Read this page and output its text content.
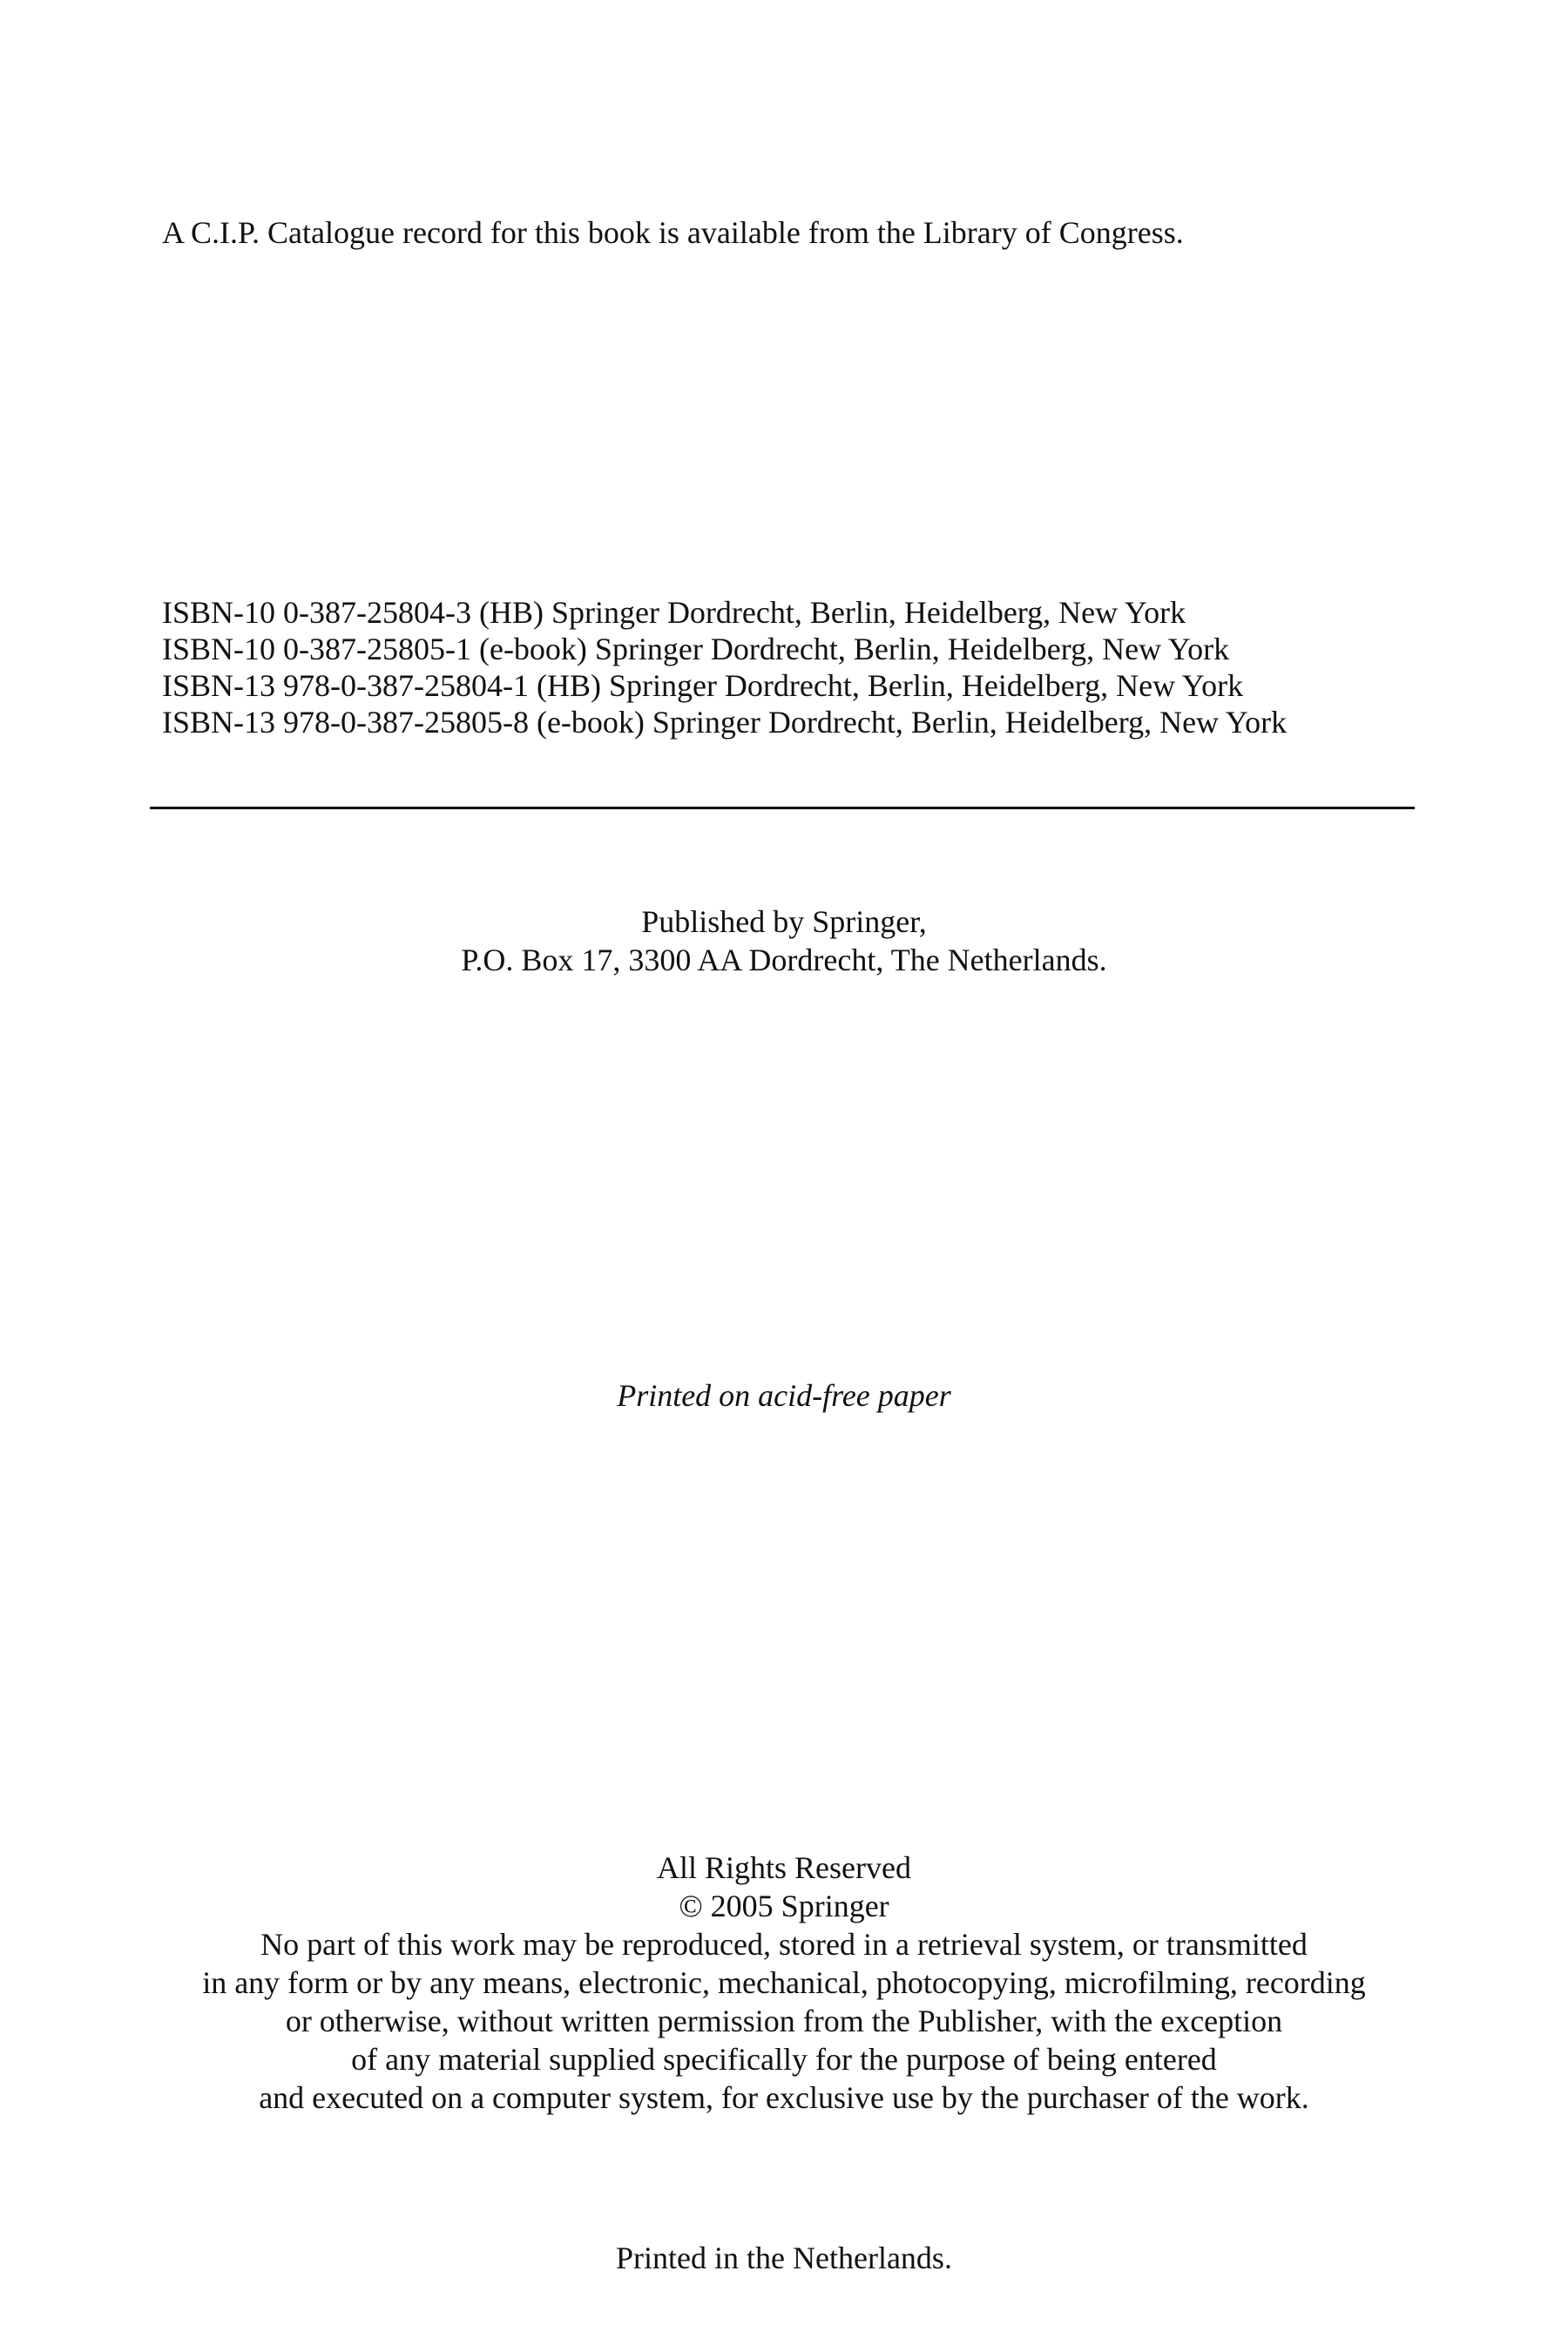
A C.I.P. Catalogue record for this book is available from the Library of Congress.

ISBN-10 0-387-25804-3 (HB) Springer Dordrecht, Berlin, Heidelberg, New York
ISBN-10 0-387-25805-1 (e-book) Springer Dordrecht, Berlin, Heidelberg, New York
ISBN-13 978-0-387-25804-1 (HB) Springer Dordrecht, Berlin, Heidelberg, New York
ISBN-13 978-0-387-25805-8 (e-book) Springer Dordrecht, Berlin, Heidelberg, New York

Published by Springer,

P.O. Box 17, 3300 AA Dordrecht, The Netherlands.

Printed on acid-free paper

All Rights Reserved

© 2005 Springer

No part of this work may be reproduced, stored in a retrieval system, or transmitted

in any form or by any means, electronic, mechanical, photocopying, microfilming, recording

or otherwise, without written permission from the Publisher, with the exception

of any material supplied specifically for the purpose of being entered

and executed on a computer system, for exclusive use by the purchaser of the work.

Printed in the Netherlands.
